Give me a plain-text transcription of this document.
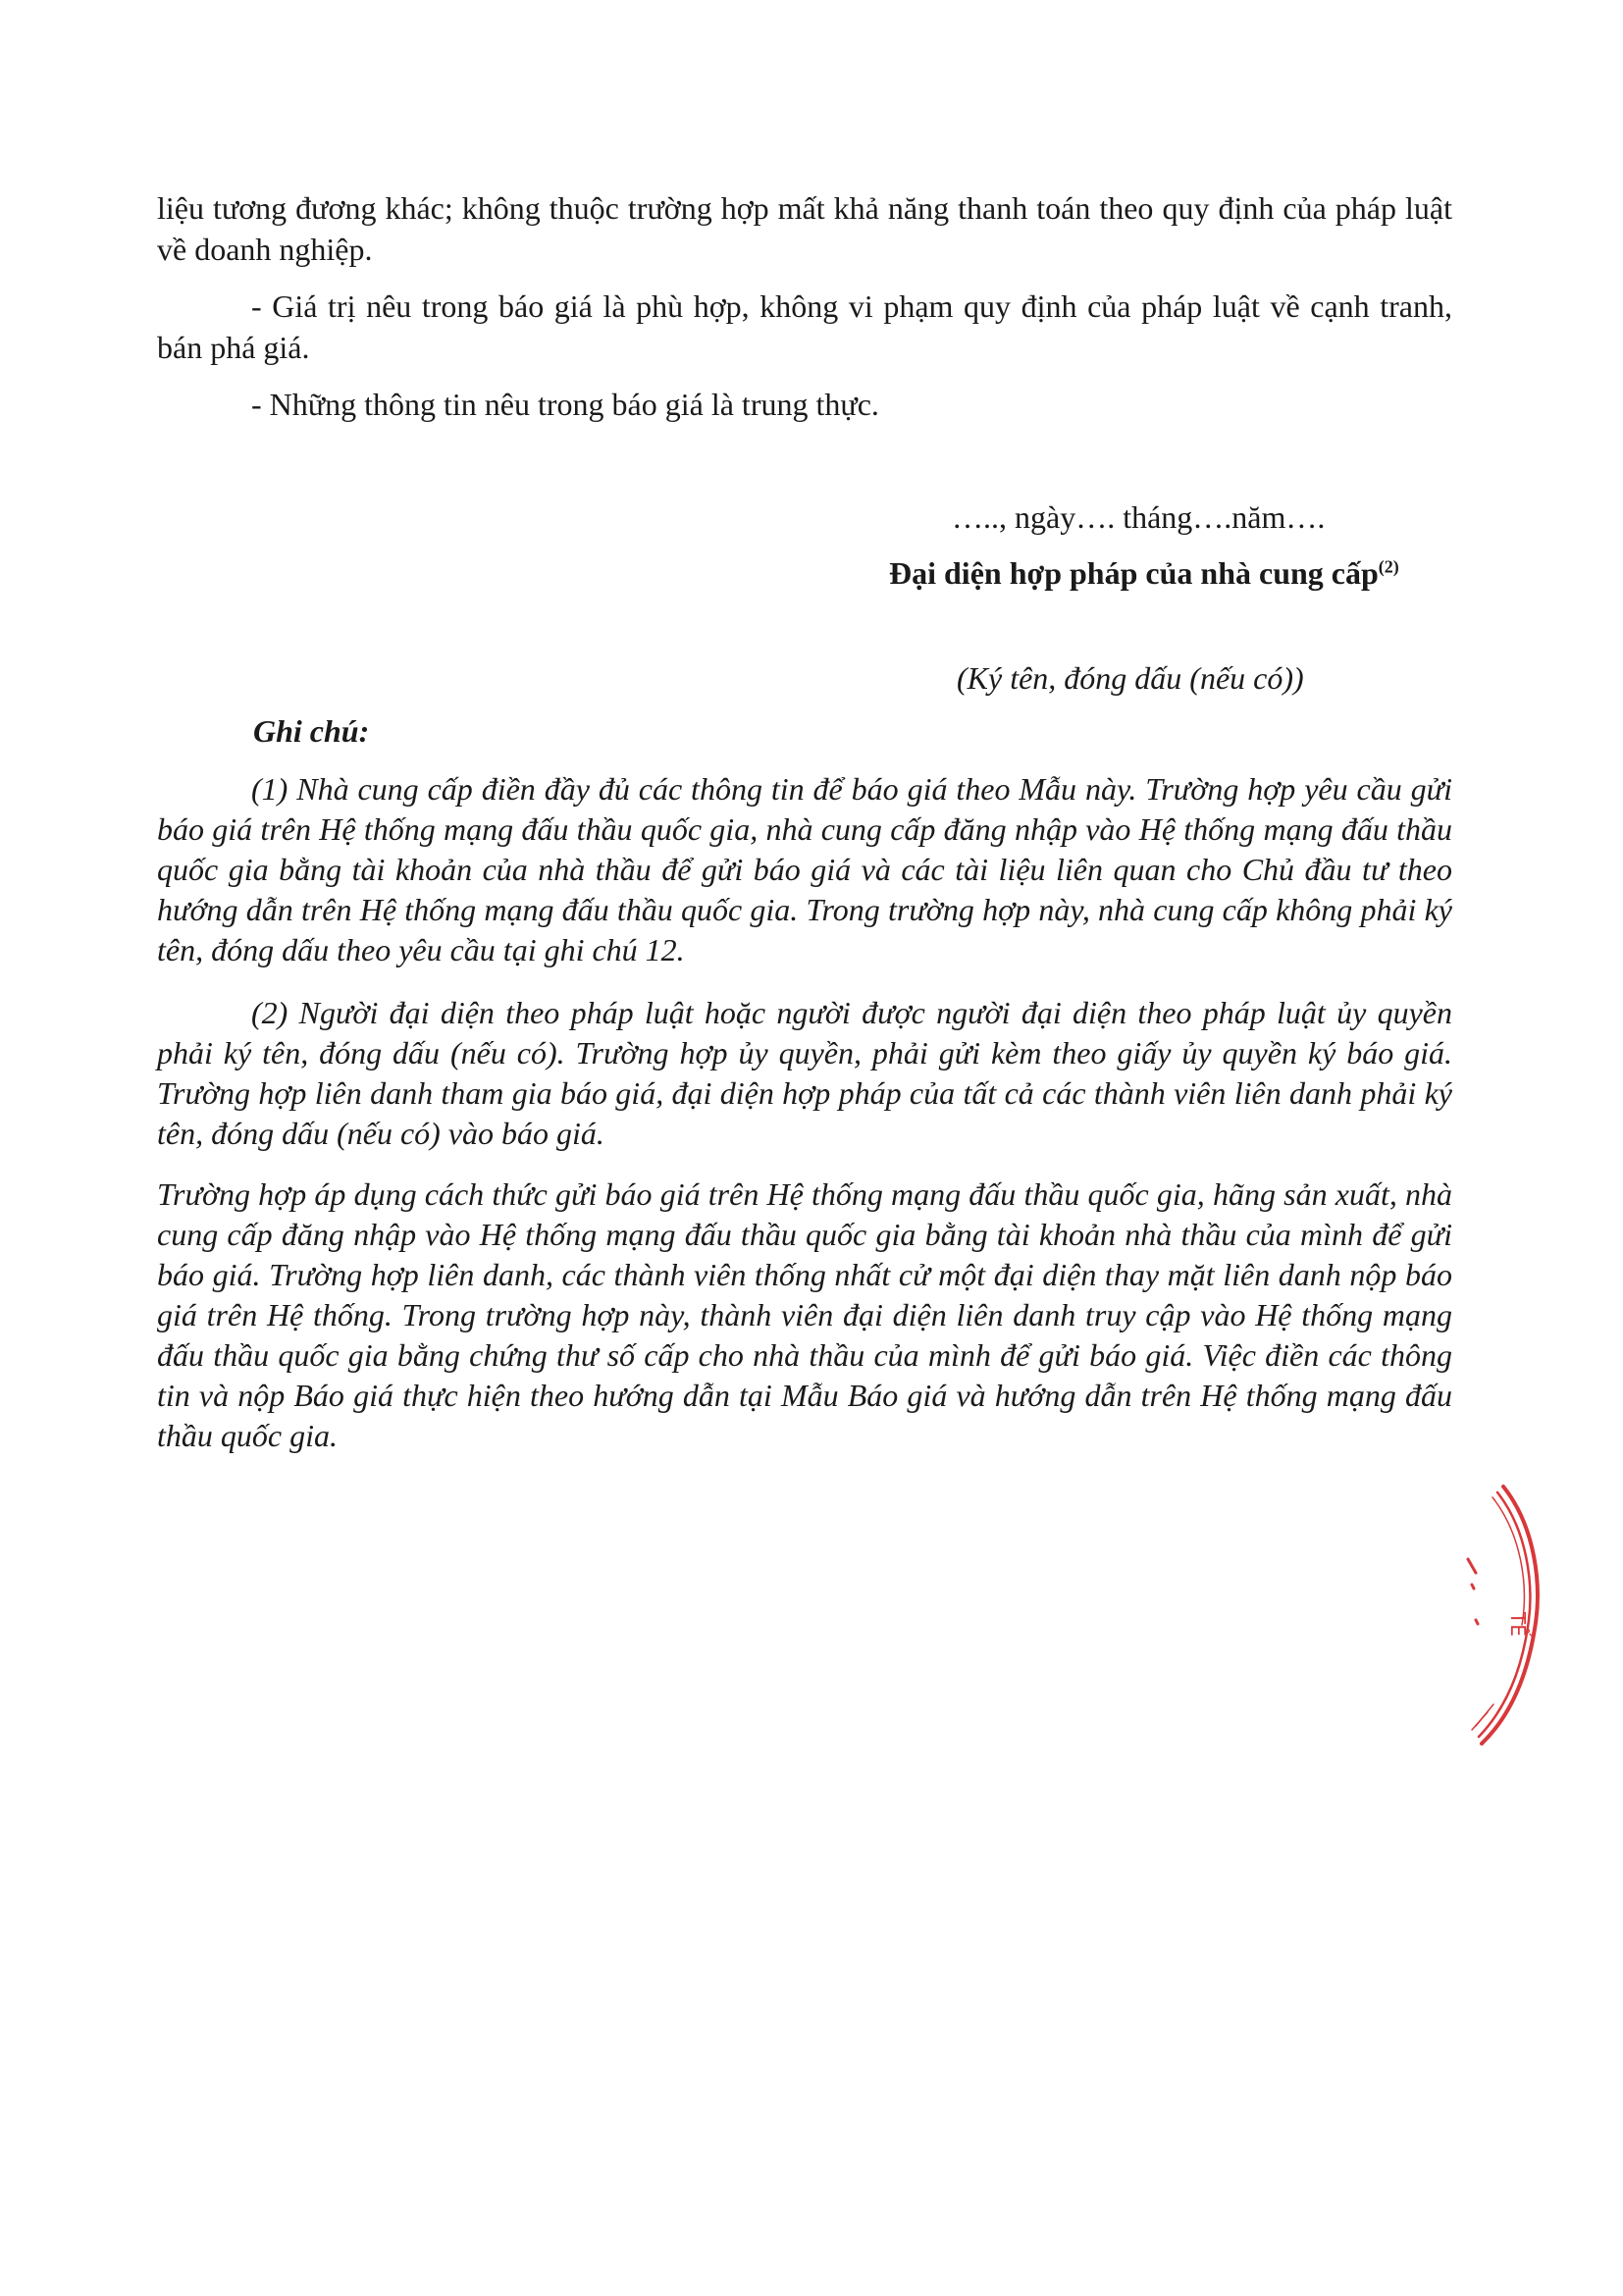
liệu tương đương khác; không thuộc trường hợp mất khả năng thanh toán theo quy định của pháp luật về doanh nghiệp.

- Giá trị nêu trong báo giá là phù hợp, không vi phạm quy định của pháp luật về cạnh tranh, bán phá giá.

- Những thông tin nêu trong báo giá là trung thực.

….., ngày…. tháng….năm….
Đại diện hợp pháp của nhà cung cấp$^{(2)}$
(Ký tên, đóng dấu (nếu có))
Ghi chú:

(1) Nhà cung cấp điền đầy đủ các thông tin để báo giá theo Mẫu này. Trường hợp yêu cầu gửi báo giá trên Hệ thống mạng đấu thầu quốc gia, nhà cung cấp đăng nhập vào Hệ thống mạng đấu thầu quốc gia bằng tài khoản của nhà thầu để gửi báo giá và các tài liệu liên quan cho Chủ đầu tư theo hướng dẫn trên Hệ thống mạng đấu thầu quốc gia. Trong trường hợp này, nhà cung cấp không phải ký tên, đóng dấu theo yêu cầu tại ghi chú 12.

(2) Người đại diện theo pháp luật hoặc người được người đại diện theo pháp luật ủy quyền phải ký tên, đóng dấu (nếu có). Trường hợp ủy quyền, phải gửi kèm theo giấy ủy quyền ký báo giá. Trường hợp liên danh tham gia báo giá, đại diện hợp pháp của tất cả các thành viên liên danh phải ký tên, đóng dấu (nếu có) vào báo giá.

Trường hợp áp dụng cách thức gửi báo giá trên Hệ thống mạng đấu thầu quốc gia, hãng sản xuất, nhà cung cấp đăng nhập vào Hệ thống mạng đấu thầu quốc gia bằng tài khoản nhà thầu của mình để gửi báo giá. Trường hợp liên danh, các thành viên thống nhất cử một đại diện thay mặt liên danh nộp báo giá trên Hệ thống. Trong trường hợp này, thành viên đại diện liên danh truy cập vào Hệ thống mạng đấu thầu quốc gia bằng chứng thư số cấp cho nhà thầu của mình để gửi báo giá. Việc điền các thông tin và nộp Báo giá thực hiện theo hướng dẫn tại Mẫu Báo giá và hướng dẫn trên Hệ thống mạng đấu thầu quốc gia.

TẾ
